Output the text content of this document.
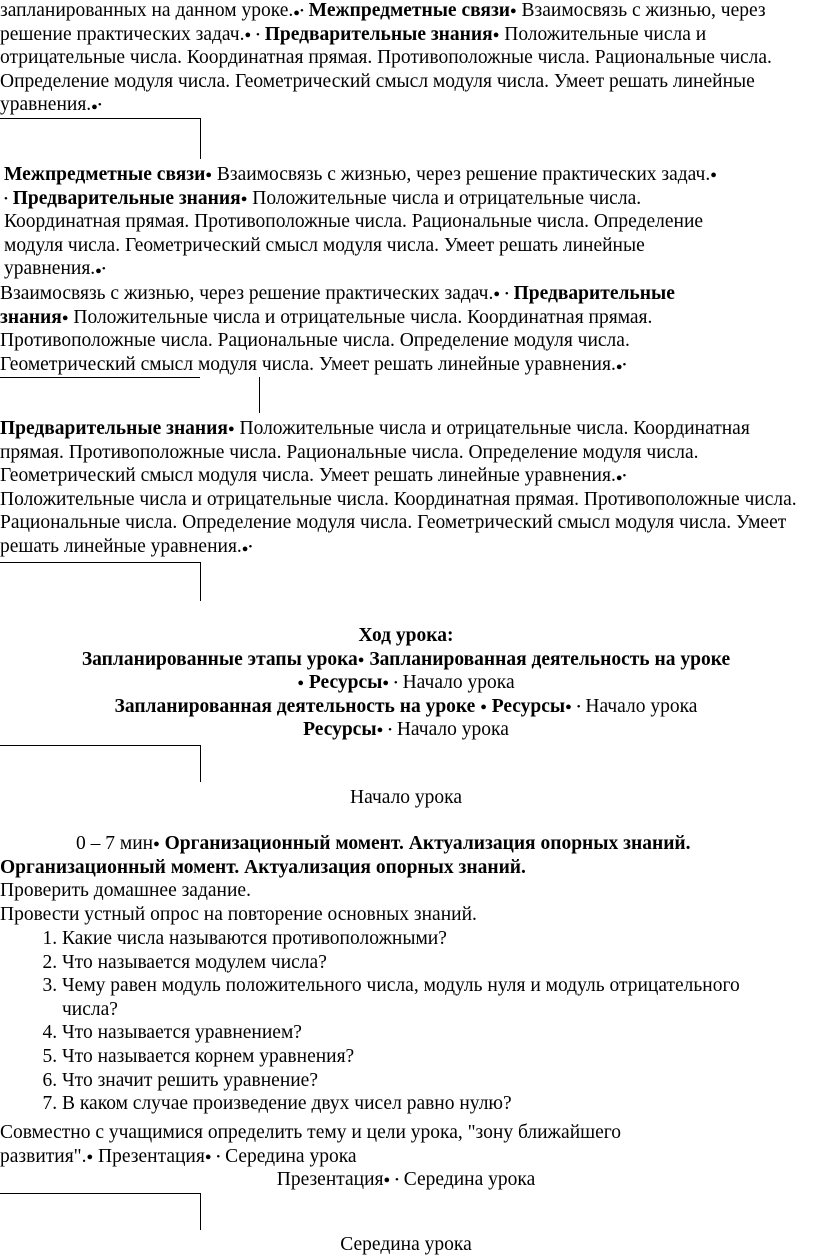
запланированных на данном уроке.●• Межпредметные связи● Взаимосвязь с жизнью, через решение практических задач.● • Предварительные знания● Положительные числа и отрицательные числа. Координатная прямая. Противоположные числа. Рациональные числа. Определение модуля числа. Геометрический смысл модуля числа. Умеет решать линейные уравнения.●•

Межпредметные связи● Взаимосвязь с жизнью, через решение практических задач.● • Предварительные знания● Положительные числа и отрицательные числа. Координатная прямая. Противоположные числа. Рациональные числа. Определение модуля числа. Геометрический смысл модуля числа. Умеет решать линейные уравнения.●•

Взаимосвязь с жизнью, через решение практических задач.● • Предварительные знания● Положительные числа и отрицательные числа. Координатная прямая. Противоположные числа. Рациональные числа. Определение модуля числа. Геометрический смысл модуля числа. Умеет решать линейные уравнения.●•

Предварительные знания● Положительные числа и отрицательные числа. Координатная прямая. Противоположные числа. Рациональные числа. Определение модуля числа. Геометрический смысл модуля числа. Умеет решать линейные уравнения.●•
Положительные числа и отрицательные числа. Координатная прямая. Противоположные числа. Рациональные числа. Определение модуля числа. Геометрический смысл модуля числа. Умеет решать линейные уравнения.●•

Ход урока:
Запланированные этапы урока● Запланированная деятельность на уроке
● Ресурсы● • Начало урока
Запланированная деятельность на уроке ● Ресурсы● • Начало урока
Ресурсы● • Начало урока

Начало урока

0 – 7 мин● Организационный момент. Актуализация опорных знаний.
Организационный момент. Актуализация опорных знаний.
Проверить домашнее задание.
Провести устный опрос на повторение основных знаний.

1. Какие числа называются противоположными?
2. Что называется модулем числа?
3. Чему равен модуль положительного числа, модуль нуля и модуль отрицательного числа?
4. Что называется уравнением?
5. Что называется корнем уравнения?
6. Что значит решить уравнение?
7. В каком случае произведение двух чисел равно нулю?

Совместно с учащимися определить тему и цели урока, "зону ближайшего развития".● Презентация● • Середина урока

Презентация● • Середина урока

Середина урока
